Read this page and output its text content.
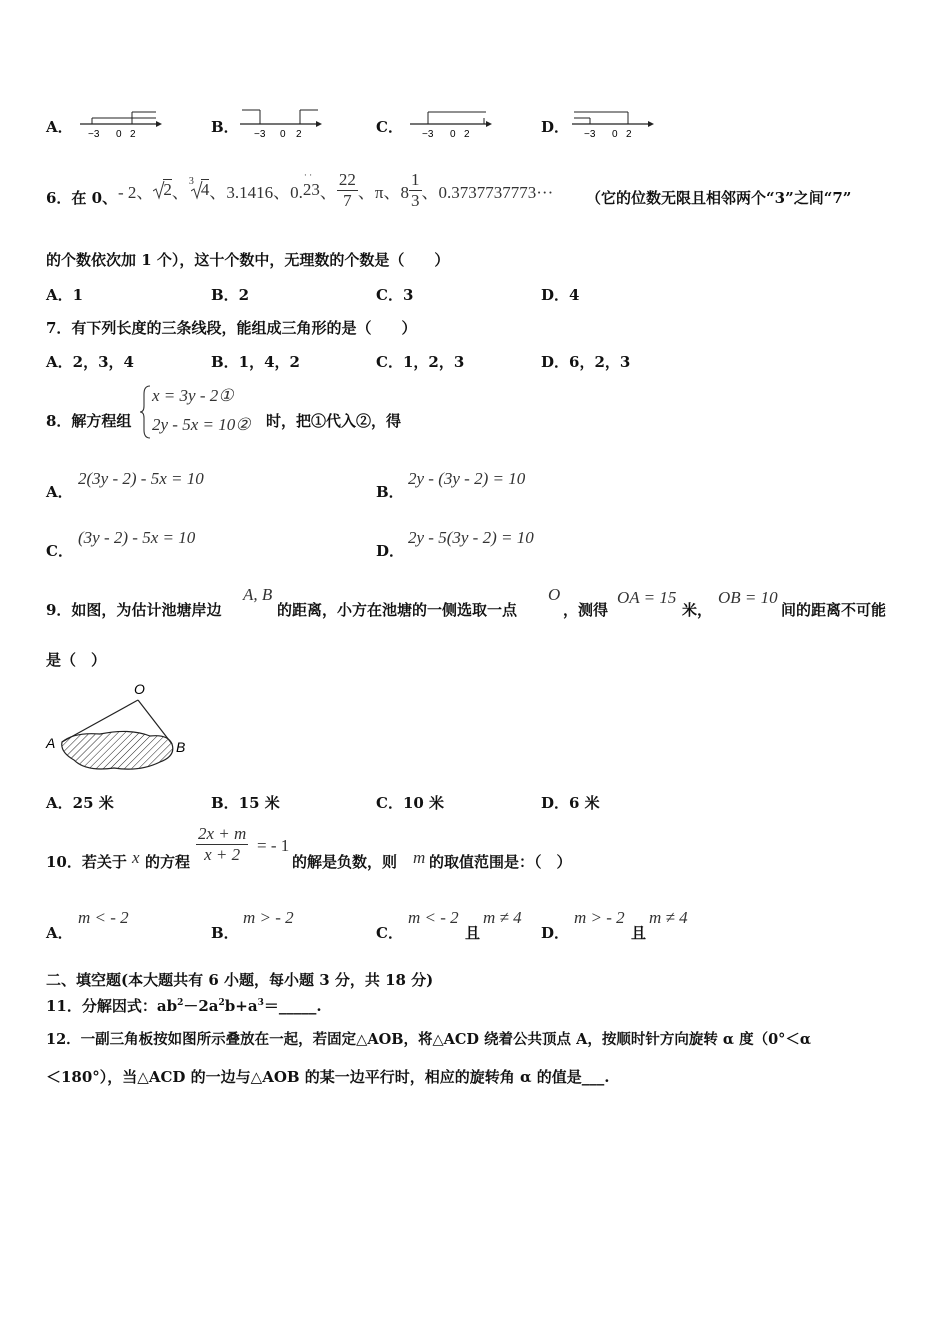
A． −3 0 2	B． −3 0 2	C． −3 0 2	D． −3 0 2
6．在 0、 - 2、 2 、
3 4 、3.1416、0.
· ·
23 、 $\frac{22}{7}$ 、π、$8 \frac{1}{3}$ 、0.3737737773··· （它的位数无限且相邻两个“3”之间“7”
的个数依次加 1 个），这十个数中，无理数的个数是（　　）
A．1	B．2	C．3	D．4
7．有下列长度的三条线段，能组成三角形的是（　　）
A．2，3，4	B．1，4，2	C．1，2，3	D．6，2，3
8．解方程组
x = 3y - 2①
2y - 5x = 10② 时，把①代入②，得
A．
2(3y - 2) - 5x = 10
B．
2y - (3y - 2) = 10
C．
(3y - 2) - 5x = 10
D．
2y - 5(3y - 2) = 10
9．如图，为估计池塘岸边
A, B
的距离，小方在池塘的一侧选取一点
O
，测得
OA = 15
米，
OB = 10
间的距离不可能
是（　）
O
A	B
A．25 米	B．15 米	C．10 米	D．6 米
10．若关于 x 的方程 $\frac{2x + m}{x + 2}$ = - 1
的解是负数，则 m 的取值范围是：（　）
A．
m < - 2
B．
m > - 2
C．
m < - 2
且
m ≠ 4
D．
m > - 2
且
m ≠ 4
二、填空题(本大题共有 6 小题，每小题 3 分，共 18 分)
11．分解因式：$ab^2-2a^2b+a^3=\_\_\_\_\_$.
12．一副三角板按如图所示叠放在一起，若固定△AOB，将△ACD 绕着公共顶点 A，按顺时针方向旋转 α 度（0°＜α
＜180°），当△ACD 的一边与△AOB 的某一边平行时，相应的旋转角 α 的值是___.
